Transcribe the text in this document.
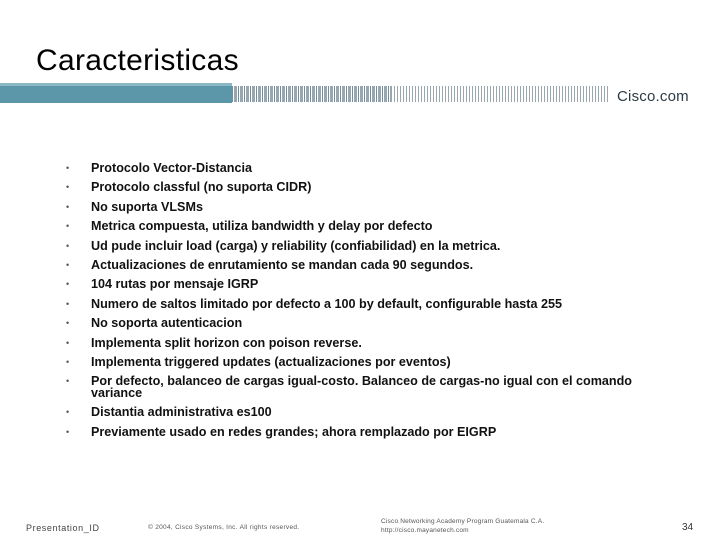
Caracteristicas
Cisco.com
• Protocolo Vector-Distancia
• Protocolo classful (no suporta CIDR)
• No suporta VLSMs
• Metrica compuesta, utiliza bandwidth y delay por defecto
• Ud pude incluir load (carga) y reliability (confiabilidad) en la metrica.
• Actualizaciones de enrutamiento se mandan cada 90 segundos.
• 104 rutas por mensaje IGRP
• Numero de saltos limitado por defecto a 100 by default, configurable hasta 255
• No soporta autenticacion
• Implementa split horizon con poison reverse.
• Implementa triggered updates (actualizaciones por eventos)
• Por defecto, balanceo de cargas igual-costo. Balanceo de cargas-no igual con el comando variance
• Distantia administrativa es100
• Previamente usado en redes grandes; ahora remplazado por EIGRP
Presentation_ID	© 2004, Cisco Systems, Inc. All rights reserved.
Cisco Networking Academy Program Guatemala C.A.
http://cisco.mayanetech.com	34
